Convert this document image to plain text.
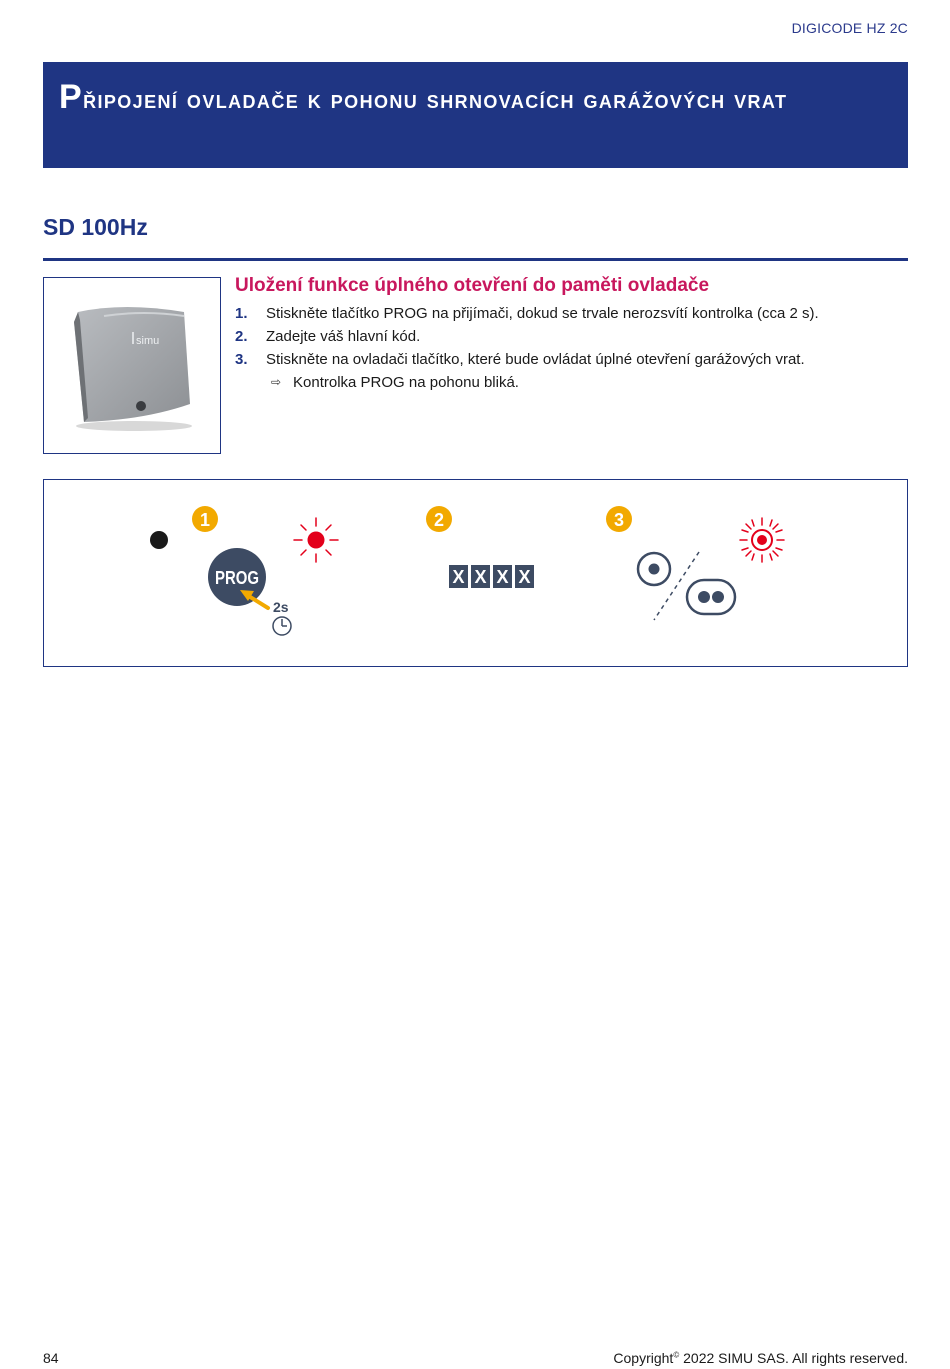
DIGICODE HZ 2C
Připojení ovladače k pohonu shrnovacích garážových vrat
SD 100Hz
simu
Uložení funkce úplného otevření do paměti ovladače
1.	Stiskněte tlačítko PROG na přijímači, dokud se trvale nerozsvítí kontrolka (cca 2 s).
2.	Zadejte váš hlavní kód.
3.	Stiskněte na ovladači tlačítko, které bude ovládat úplné otevření garážových vrat.
⇨ Kontrolka PROG na pohonu bliká.
1
PROG
2s
2
X X X X
3
84	Copyright© 2022 SIMU SAS. All rights reserved.
